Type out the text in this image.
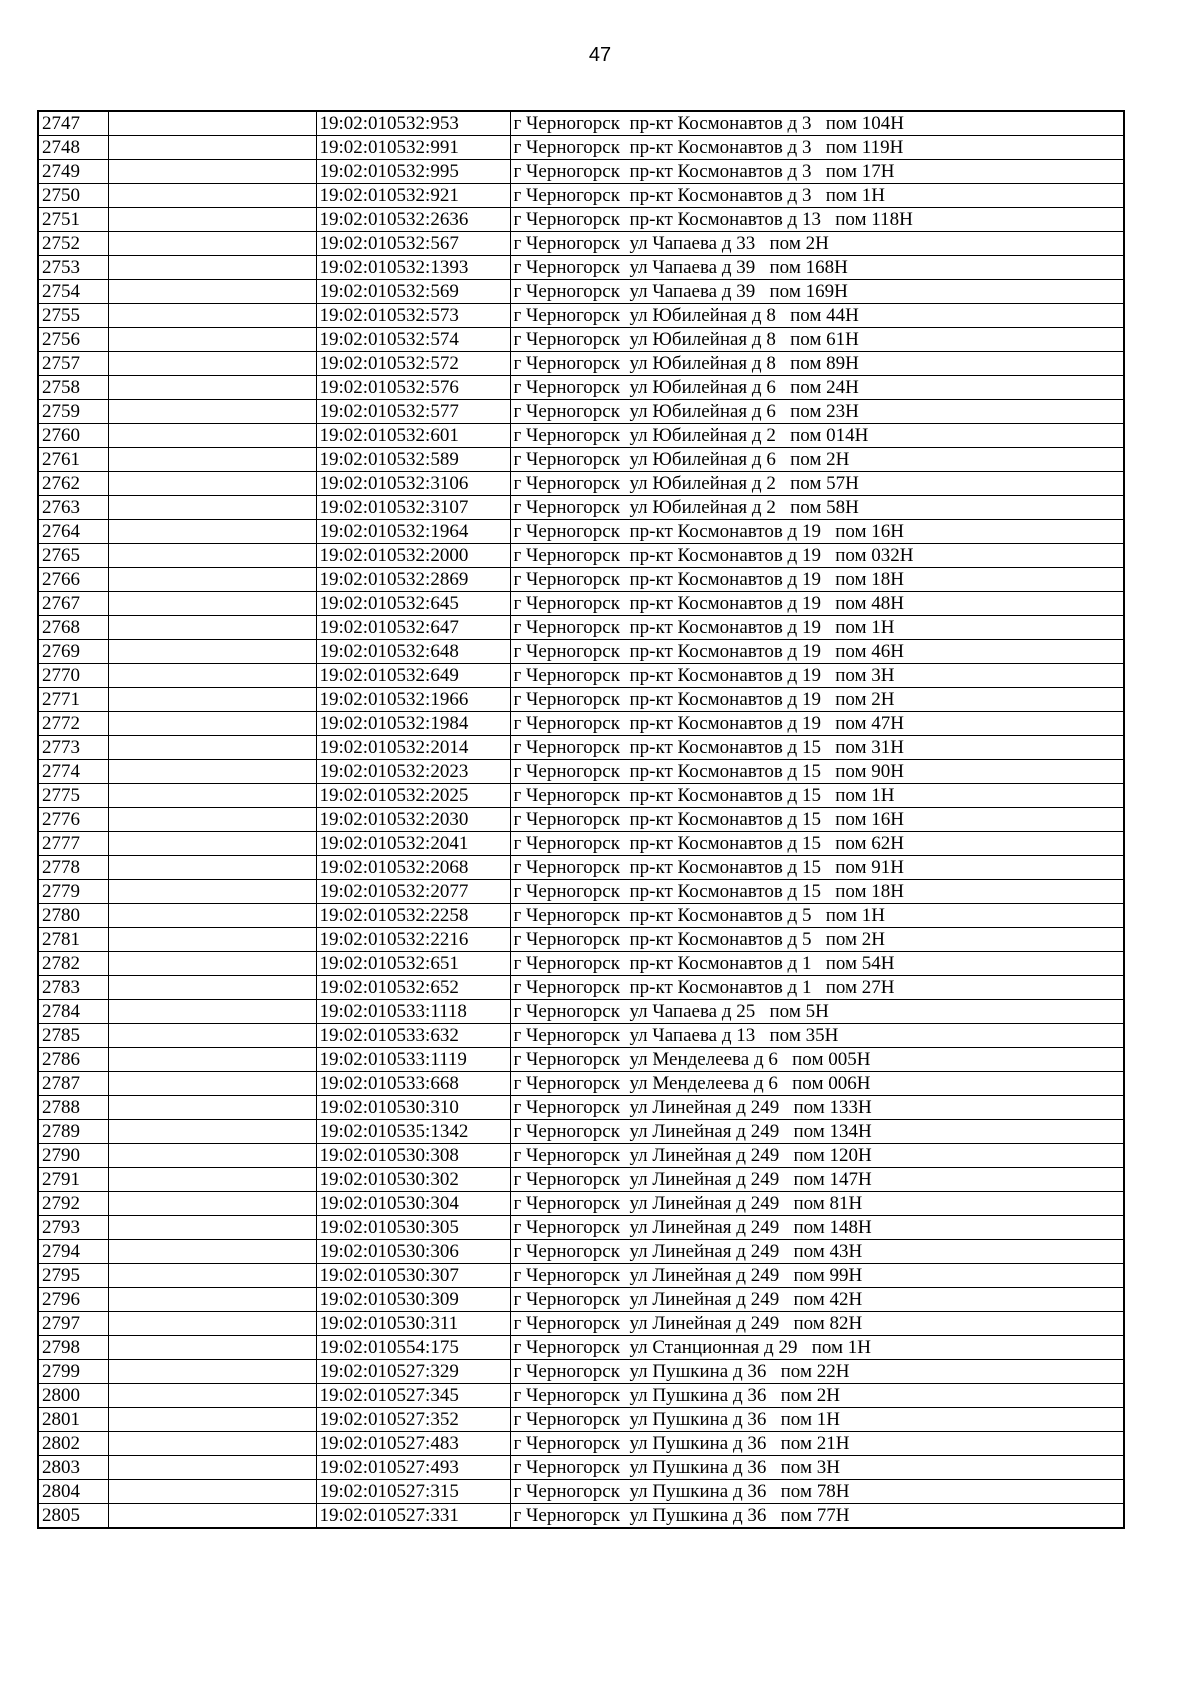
47
2747		19:02:010532:953	г Черногорск  пр-кт Космонавтов д 3   пом 104Н
2748		19:02:010532:991	г Черногорск  пр-кт Космонавтов д 3   пом 119Н
2749		19:02:010532:995	г Черногорск  пр-кт Космонавтов д 3   пом 17Н
2750		19:02:010532:921	г Черногорск  пр-кт Космонавтов д 3   пом 1Н
2751		19:02:010532:2636	г Черногорск  пр-кт Космонавтов д 13   пом 118Н
2752		19:02:010532:567	г Черногорск  ул Чапаева д 33   пом 2Н
2753		19:02:010532:1393	г Черногорск  ул Чапаева д 39   пом 168Н
2754		19:02:010532:569	г Черногорск  ул Чапаева д 39   пом 169Н
2755		19:02:010532:573	г Черногорск  ул Юбилейная д 8   пом 44Н
2756		19:02:010532:574	г Черногорск  ул Юбилейная д 8   пом 61Н
2757		19:02:010532:572	г Черногорск  ул Юбилейная д 8   пом 89Н
2758		19:02:010532:576	г Черногорск  ул Юбилейная д 6   пом 24Н
2759		19:02:010532:577	г Черногорск  ул Юбилейная д 6   пом 23Н
2760		19:02:010532:601	г Черногорск  ул Юбилейная д 2   пом 014Н
2761		19:02:010532:589	г Черногорск  ул Юбилейная д 6   пом 2Н
2762		19:02:010532:3106	г Черногорск  ул Юбилейная д 2   пом 57Н
2763		19:02:010532:3107	г Черногорск  ул Юбилейная д 2   пом 58Н
2764		19:02:010532:1964	г Черногорск  пр-кт Космонавтов д 19   пом 16Н
2765		19:02:010532:2000	г Черногорск  пр-кт Космонавтов д 19   пом 032Н
2766		19:02:010532:2869	г Черногорск  пр-кт Космонавтов д 19   пом 18Н
2767		19:02:010532:645	г Черногорск  пр-кт Космонавтов д 19   пом 48Н
2768		19:02:010532:647	г Черногорск  пр-кт Космонавтов д 19   пом 1Н
2769		19:02:010532:648	г Черногорск  пр-кт Космонавтов д 19   пом 46Н
2770		19:02:010532:649	г Черногорск  пр-кт Космонавтов д 19   пом 3Н
2771		19:02:010532:1966	г Черногорск  пр-кт Космонавтов д 19   пом 2Н
2772		19:02:010532:1984	г Черногорск  пр-кт Космонавтов д 19   пом 47Н
2773		19:02:010532:2014	г Черногорск  пр-кт Космонавтов д 15   пом 31Н
2774		19:02:010532:2023	г Черногорск  пр-кт Космонавтов д 15   пом 90Н
2775		19:02:010532:2025	г Черногорск  пр-кт Космонавтов д 15   пом 1Н
2776		19:02:010532:2030	г Черногорск  пр-кт Космонавтов д 15   пом 16Н
2777		19:02:010532:2041	г Черногорск  пр-кт Космонавтов д 15   пом 62Н
2778		19:02:010532:2068	г Черногорск  пр-кт Космонавтов д 15   пом 91Н
2779		19:02:010532:2077	г Черногорск  пр-кт Космонавтов д 15   пом 18Н
2780		19:02:010532:2258	г Черногорск  пр-кт Космонавтов д 5   пом 1Н
2781		19:02:010532:2216	г Черногорск  пр-кт Космонавтов д 5   пом 2Н
2782		19:02:010532:651	г Черногорск  пр-кт Космонавтов д 1   пом 54Н
2783		19:02:010532:652	г Черногорск  пр-кт Космонавтов д 1   пом 27Н
2784		19:02:010533:1118	г Черногорск  ул Чапаева д 25   пом 5Н
2785		19:02:010533:632	г Черногорск  ул Чапаева д 13   пом 35Н
2786		19:02:010533:1119	г Черногорск  ул Менделеева д 6   пом 005Н
2787		19:02:010533:668	г Черногорск  ул Менделеева д 6   пом 006Н
2788		19:02:010530:310	г Черногорск  ул Линейная д 249   пом 133Н
2789		19:02:010535:1342	г Черногорск  ул Линейная д 249   пом 134Н
2790		19:02:010530:308	г Черногорск  ул Линейная д 249   пом 120Н
2791		19:02:010530:302	г Черногорск  ул Линейная д 249   пом 147Н
2792		19:02:010530:304	г Черногорск  ул Линейная д 249   пом 81Н
2793		19:02:010530:305	г Черногорск  ул Линейная д 249   пом 148Н
2794		19:02:010530:306	г Черногорск  ул Линейная д 249   пом 43Н
2795		19:02:010530:307	г Черногорск  ул Линейная д 249   пом 99Н
2796		19:02:010530:309	г Черногорск  ул Линейная д 249   пом 42Н
2797		19:02:010530:311	г Черногорск  ул Линейная д 249   пом 82Н
2798		19:02:010554:175	г Черногорск  ул Станционная д 29   пом 1Н
2799		19:02:010527:329	г Черногорск  ул Пушкина д 36   пом 22Н
2800		19:02:010527:345	г Черногорск  ул Пушкина д 36   пом 2Н
2801		19:02:010527:352	г Черногорск  ул Пушкина д 36   пом 1Н
2802		19:02:010527:483	г Черногорск  ул Пушкина д 36   пом 21Н
2803		19:02:010527:493	г Черногорск  ул Пушкина д 36   пом 3Н
2804		19:02:010527:315	г Черногорск  ул Пушкина д 36   пом 78Н
2805		19:02:010527:331	г Черногорск  ул Пушкина д 36   пом 77Н
